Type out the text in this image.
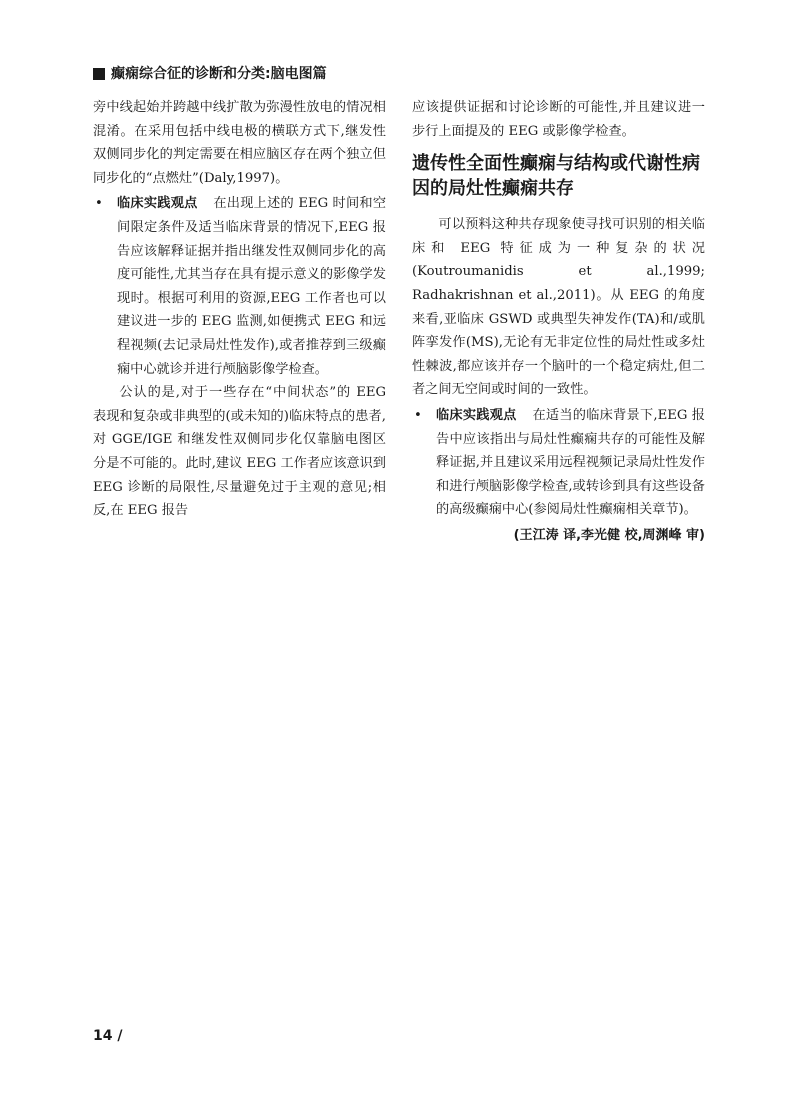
癫痫综合征的诊断和分类:脑电图篇

旁中线起始并跨越中线扩散为弥漫性放电的情况相混淆。在采用包括中线电极的横联方式下,继发性双侧同步化的判定需要在相应脑区存在两个独立但同步化的“点燃灶”(Daly,1997)。

• 临床实践观点 在出现上述的 EEG 时间和空间限定条件及适当临床背景的情况下,EEG 报告应该解释证据并指出继发性双侧同步化的高度可能性,尤其当存在具有提示意义的影像学发现时。根据可利用的资源,EEG 工作者也可以建议进一步的 EEG 监测,如便携式 EEG 和远程视频(去记录局灶性发作),或者推荐到三级癫痫中心就诊并进行颅脑影像学检查。

公认的是,对于一些存在“中间状态”的 EEG 表现和复杂或非典型的(或未知的)临床特点的患者,对 GGE/IGE 和继发性双侧同步化仅靠脑电图区分是不可能的。此时,建议 EEG 工作者应该意识到 EEG 诊断的局限性,尽量避免过于主观的意见;相反,在 EEG 报告

应该提供证据和讨论诊断的可能性,并且建议进一步行上面提及的 EEG 或影像学检查。

遗传性全面性癫痫与结构或代谢性病因的局灶性癫痫共存

可以预料这种共存现象使寻找可识别的相关临床和 EEG 特征成为一种复杂的状况(Koutroumanidis et al.,1999; Radhakrishnan et al.,2011)。从 EEG 的角度来看,亚临床 GSWD 或典型失神发作(TA)和/或肌阵挛发作(MS),无论有无非定位性的局灶性或多灶性棘波,都应该并存一个脑叶的一个稳定病灶,但二者之间无空间或时间的一致性。

• 临床实践观点 在适当的临床背景下,EEG 报告中应该指出与局灶性癫痫共存的可能性及解释证据,并且建议采用远程视频记录局灶性发作和进行颅脑影像学检查,或转诊到具有这些设备的高级癫痫中心(参阅局灶性癫痫相关章节)。

(王江涛 译,李光健 校,周渊峰 审)

14 /
